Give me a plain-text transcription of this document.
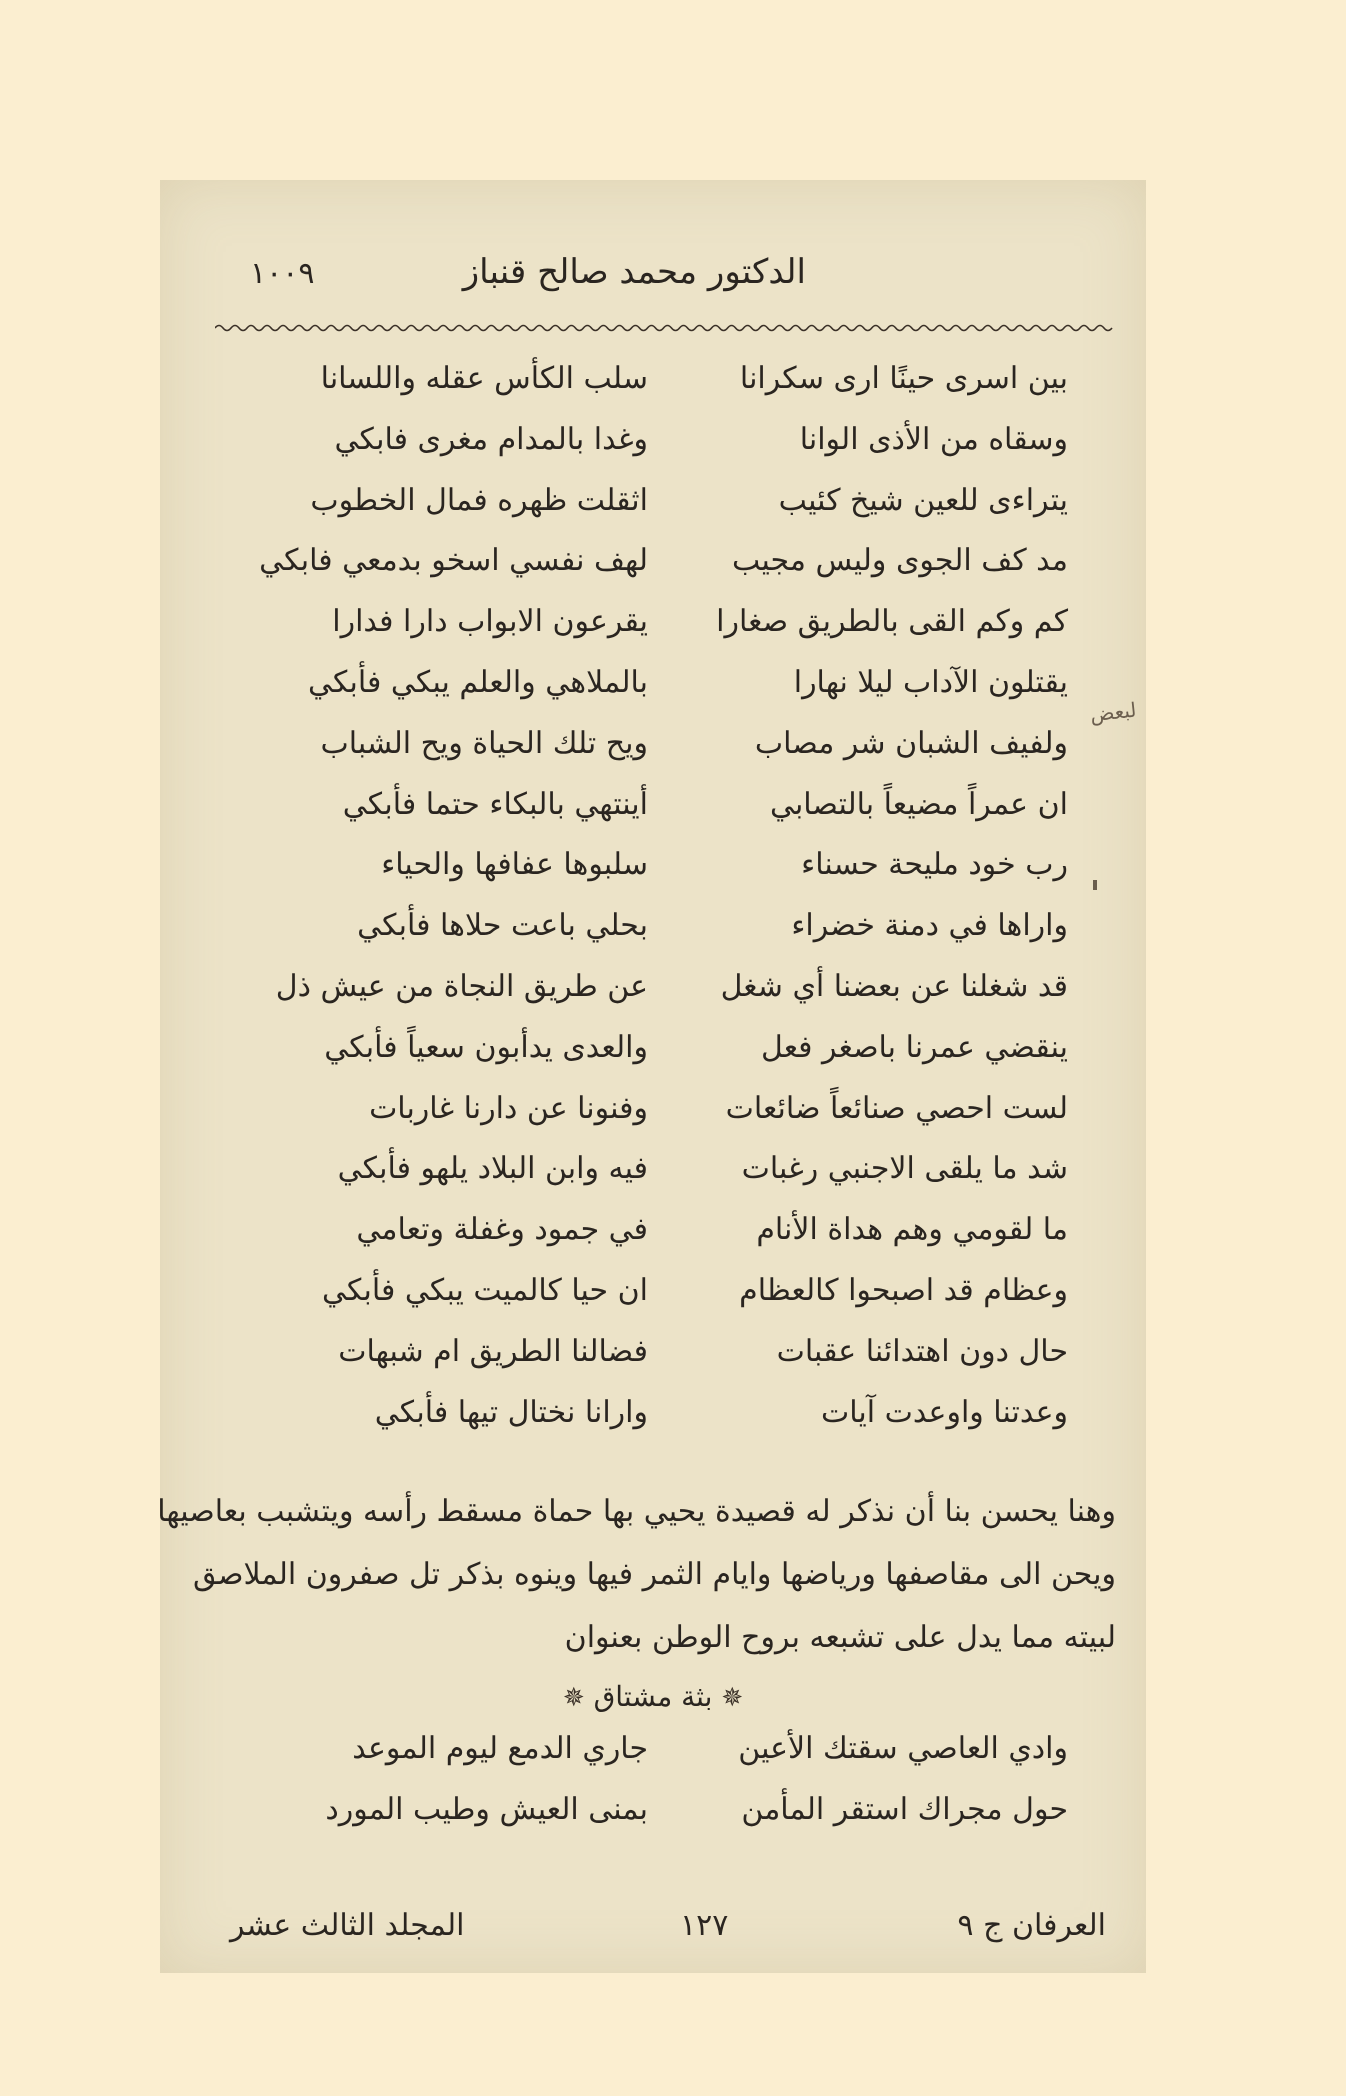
الدكتور محمد صالح قنباز
١٠٠٩
لبعض
بين اسرى حينًا ارى سكرانا
سلب الكأس عقله واللسانا
وسقاه من الأذى الوانا
وغدا بالمدام مغرى فابكي
يتراءى للعين شيخ كئيب
اثقلت ظهره فمال الخطوب
مد كف الجوى وليس مجيب
لهف نفسي اسخو بدمعي فابكي
كم وكم القى بالطريق صغارا
يقرعون الابواب دارا فدارا
يقتلون الآداب ليلا نهارا
بالملاهي والعلم يبكي فأبكي
ولفيف الشبان شر مصاب
ويح تلك الحياة ويح الشباب
ان عمراً مضيعاً بالتصابي
أينتهي بالبكاء حتما فأبكي
رب خود مليحة حسناء
سلبوها عفافها والحياء
واراها في دمنة خضراء
بحلي باعت حلاها فأبكي
قد شغلنا عن بعضنا أي شغل
عن طريق النجاة من عيش ذل
ينقضي عمرنا باصغر فعل
والعدى يدأبون سعياً فأبكي
لست احصي صنائعاً ضائعات
وفنونا عن دارنا غاربات
شد ما يلقى الاجنبي رغبات
فيه وابن البلاد يلهو فأبكي
ما لقومي وهم هداة الأنام
في جمود وغفلة وتعامي
وعظام قد اصبحوا كالعظام
ان حيا كالميت يبكي فأبكي
حال دون اهتدائنا عقبات
فضالنا الطريق ام شبهات
وعدتنا واوعدت آيات
وارانا نختال تيها فأبكي

وهنا يحسن بنا أن نذكر له قصيدة يحيي بها حماة مسقط رأسه ويتشبب بعاصيها

ويحن الى مقاصفها ورياضها وايام الثمر فيها وينوه بذكر تل صفرون الملاصق

لبيته مما يدل على تشبعه بروح الوطن بعنوان

✵ بثة مشتاق ✵
وادي العاصي سقتك الأعين
جاري الدمع ليوم الموعد
حول مجراك استقر المأمن
بمنى العيش وطيب المورد
العرفان ج ٩
١٢٧
المجلد الثالث عشر
